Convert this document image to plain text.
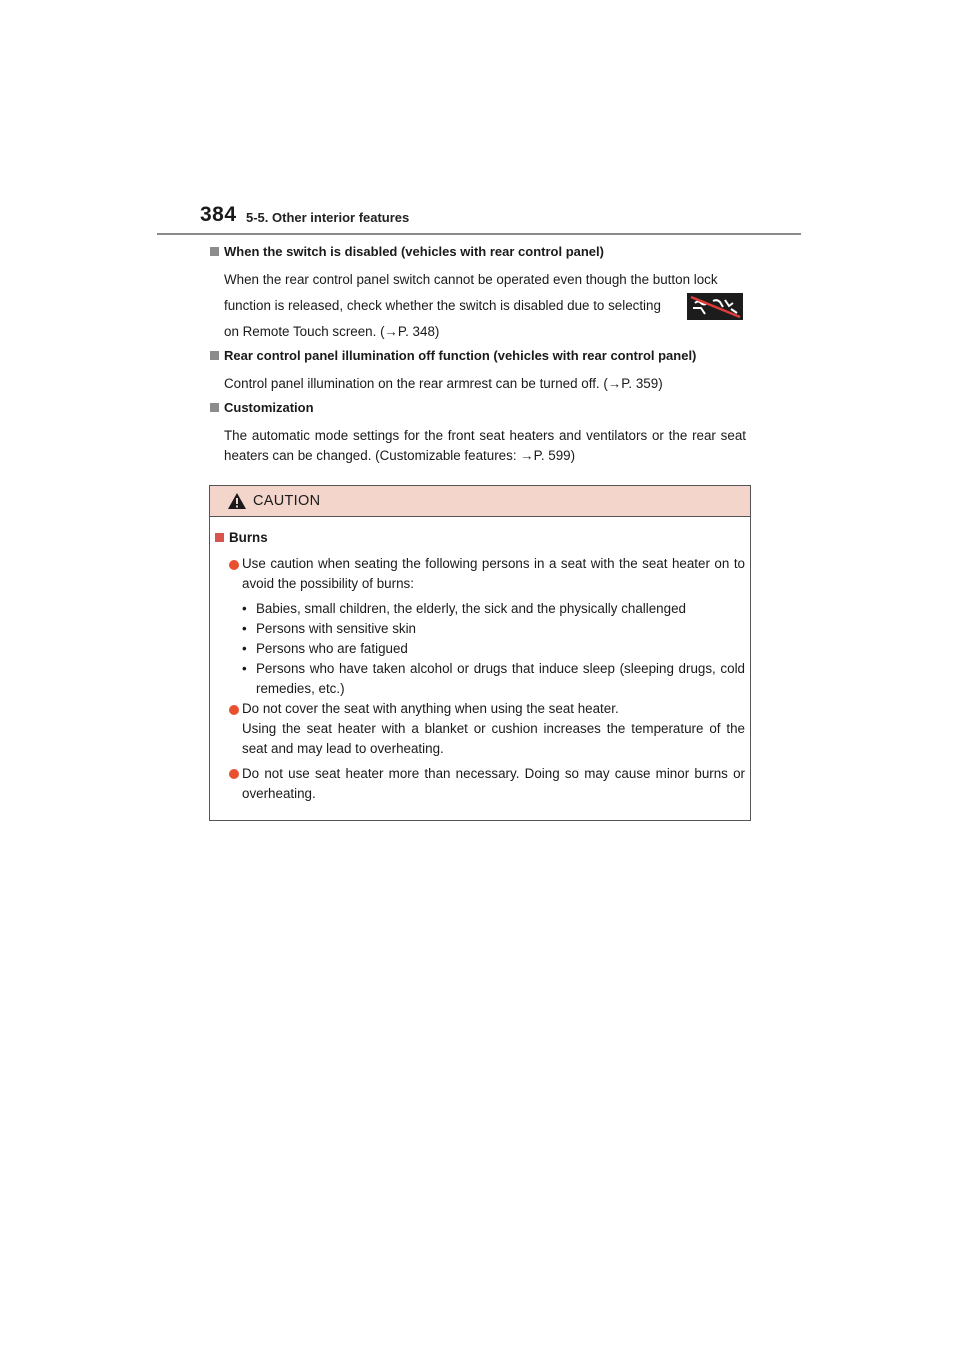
384 5-5. Other interior features
When the switch is disabled (vehicles with rear control panel)
When the rear control panel switch cannot be operated even though the button lock
function is released, check whether the switch is disabled due to selecting
on Remote Touch screen. (→P. 348)
Rear control panel illumination off function (vehicles with rear control panel)
Control panel illumination on the rear armrest can be turned off. (→P. 359)
Customization
The automatic mode settings for the front seat heaters and ventilators or the rear seat heaters can be changed. (Customizable features: →P. 599)
CAUTION
Burns
Use caution when seating the following persons in a seat with the seat heater on to avoid the possibility of burns:
• Babies, small children, the elderly, the sick and the physically challenged
• Persons with sensitive skin
• Persons who are fatigued
• Persons who have taken alcohol or drugs that induce sleep (sleeping drugs, cold remedies, etc.)
Do not cover the seat with anything when using the seat heater.
Using the seat heater with a blanket or cushion increases the temperature of the seat and may lead to overheating.
Do not use seat heater more than necessary. Doing so may cause minor burns or overheating.
